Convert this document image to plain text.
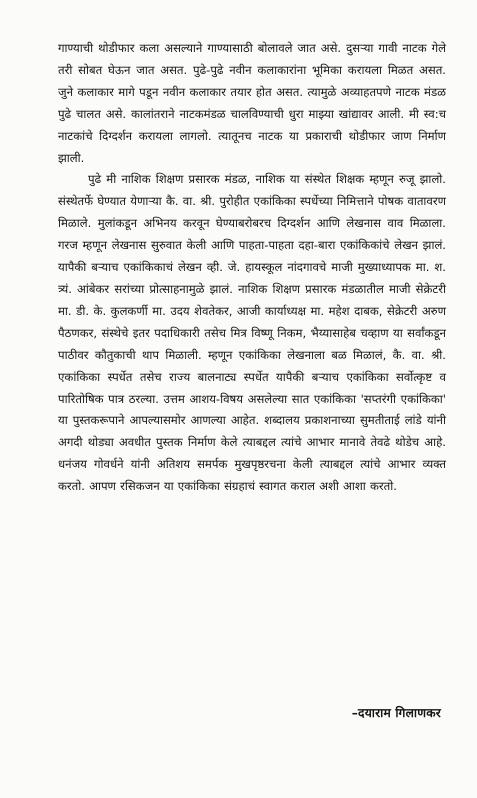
गाण्याची थोडीफार कला असल्याने गाण्यासाठी बोलावले जात असे. दुसऱ्या गावी नाटक गेले तरी सोबत घेऊन जात असत. पुढे-पुढे नवीन कलाकारांना भूमिका करायला मिळत असत. जुने कलाकार मागे पडून नवीन कलाकार तयार होत असत. त्यामुळे अव्याहतपणे नाटक मंडळ पुढे चालत असे. कालांतराने नाटकमंडळ चालविण्याची धुरा माझ्या खांद्यावर आली. मी स्व:च नाटकांचे दिग्दर्शन करायला लागलो. त्यातूनच नाटक या प्रकाराची थोडीफार जाण निर्माण झाली.

पुढे मी नाशिक शिक्षण प्रसारक मंडळ, नाशिक या संस्थेत शिक्षक म्हणून रुजू झालो. संस्थेतर्फे घेण्यात येणाऱ्या कै. वा. श्री. पुरोहीत एकांकिका स्पर्धेच्या निमित्ताने पोषक वातावरण मिळाले. मुलांकडून अभिनय करवून घेण्याबरोबरच दिग्दर्शन आणि लेखनास वाव मिळाला. गरज म्हणून लेखनास सुरुवात केली आणि पाहता-पाहता दहा-बारा एकांकिकांचे लेखन झालं. यापैकी बऱ्याच एकांकिकाचं लेखन व्ही. जे. हायस्कूल नांदगावचे माजी मुख्याध्यापक मा. श. त्र्यं. आंबेकर सरांच्या प्रोत्साहनामुळे झालं. नाशिक शिक्षण प्रसारक मंडळातील माजी सेक्रेटरी मा. डी. के. कुलकर्णी मा. उदय शेवतेकर, आजी कार्याध्यक्ष मा. महेश दाबक, सेक्रेटरी अरुण पैठणकर, संस्थेचे इतर पदाधिकारी तसेच मित्र विष्णू निकम, भैय्यासाहेब चव्हाण या सर्वांकडून पाठीवर कौतुकाची थाप मिळाली. म्हणून एकांकिका लेखनाला बळ मिळालं, कै. वा. श्री. एकांकिका स्पर्धेत तसेच राज्य बालनाट्य स्पर्धेत यापैकी बऱ्याच एकांकिका सर्वोत्कृष्ट व पारितोषिक पात्र ठरल्या. उत्तम आशय-विषय असलेल्या सात एकांकिका 'सप्तरंगी एकांकिका' या पुस्तकरूपाने आपल्यासमोर आणल्या आहेत. शब्दालय प्रकाशनाच्या सुमतीताई लांडे यांनी अगदी थोड्या अवधीत पुस्तक निर्माण केले त्याबद्दल त्यांचे आभार मानावे तेवढे थोडेच आहे. धनंजय गोवर्धने यांनी अतिशय समर्पक मुखपृष्ठरचना केली त्याबद्दल त्यांचे आभार व्यक्त करतो. आपण रसिकजन या एकांकिका संग्रहाचं स्वागत कराल अशी आशा करतो.

–दयाराम गिलाणकर
